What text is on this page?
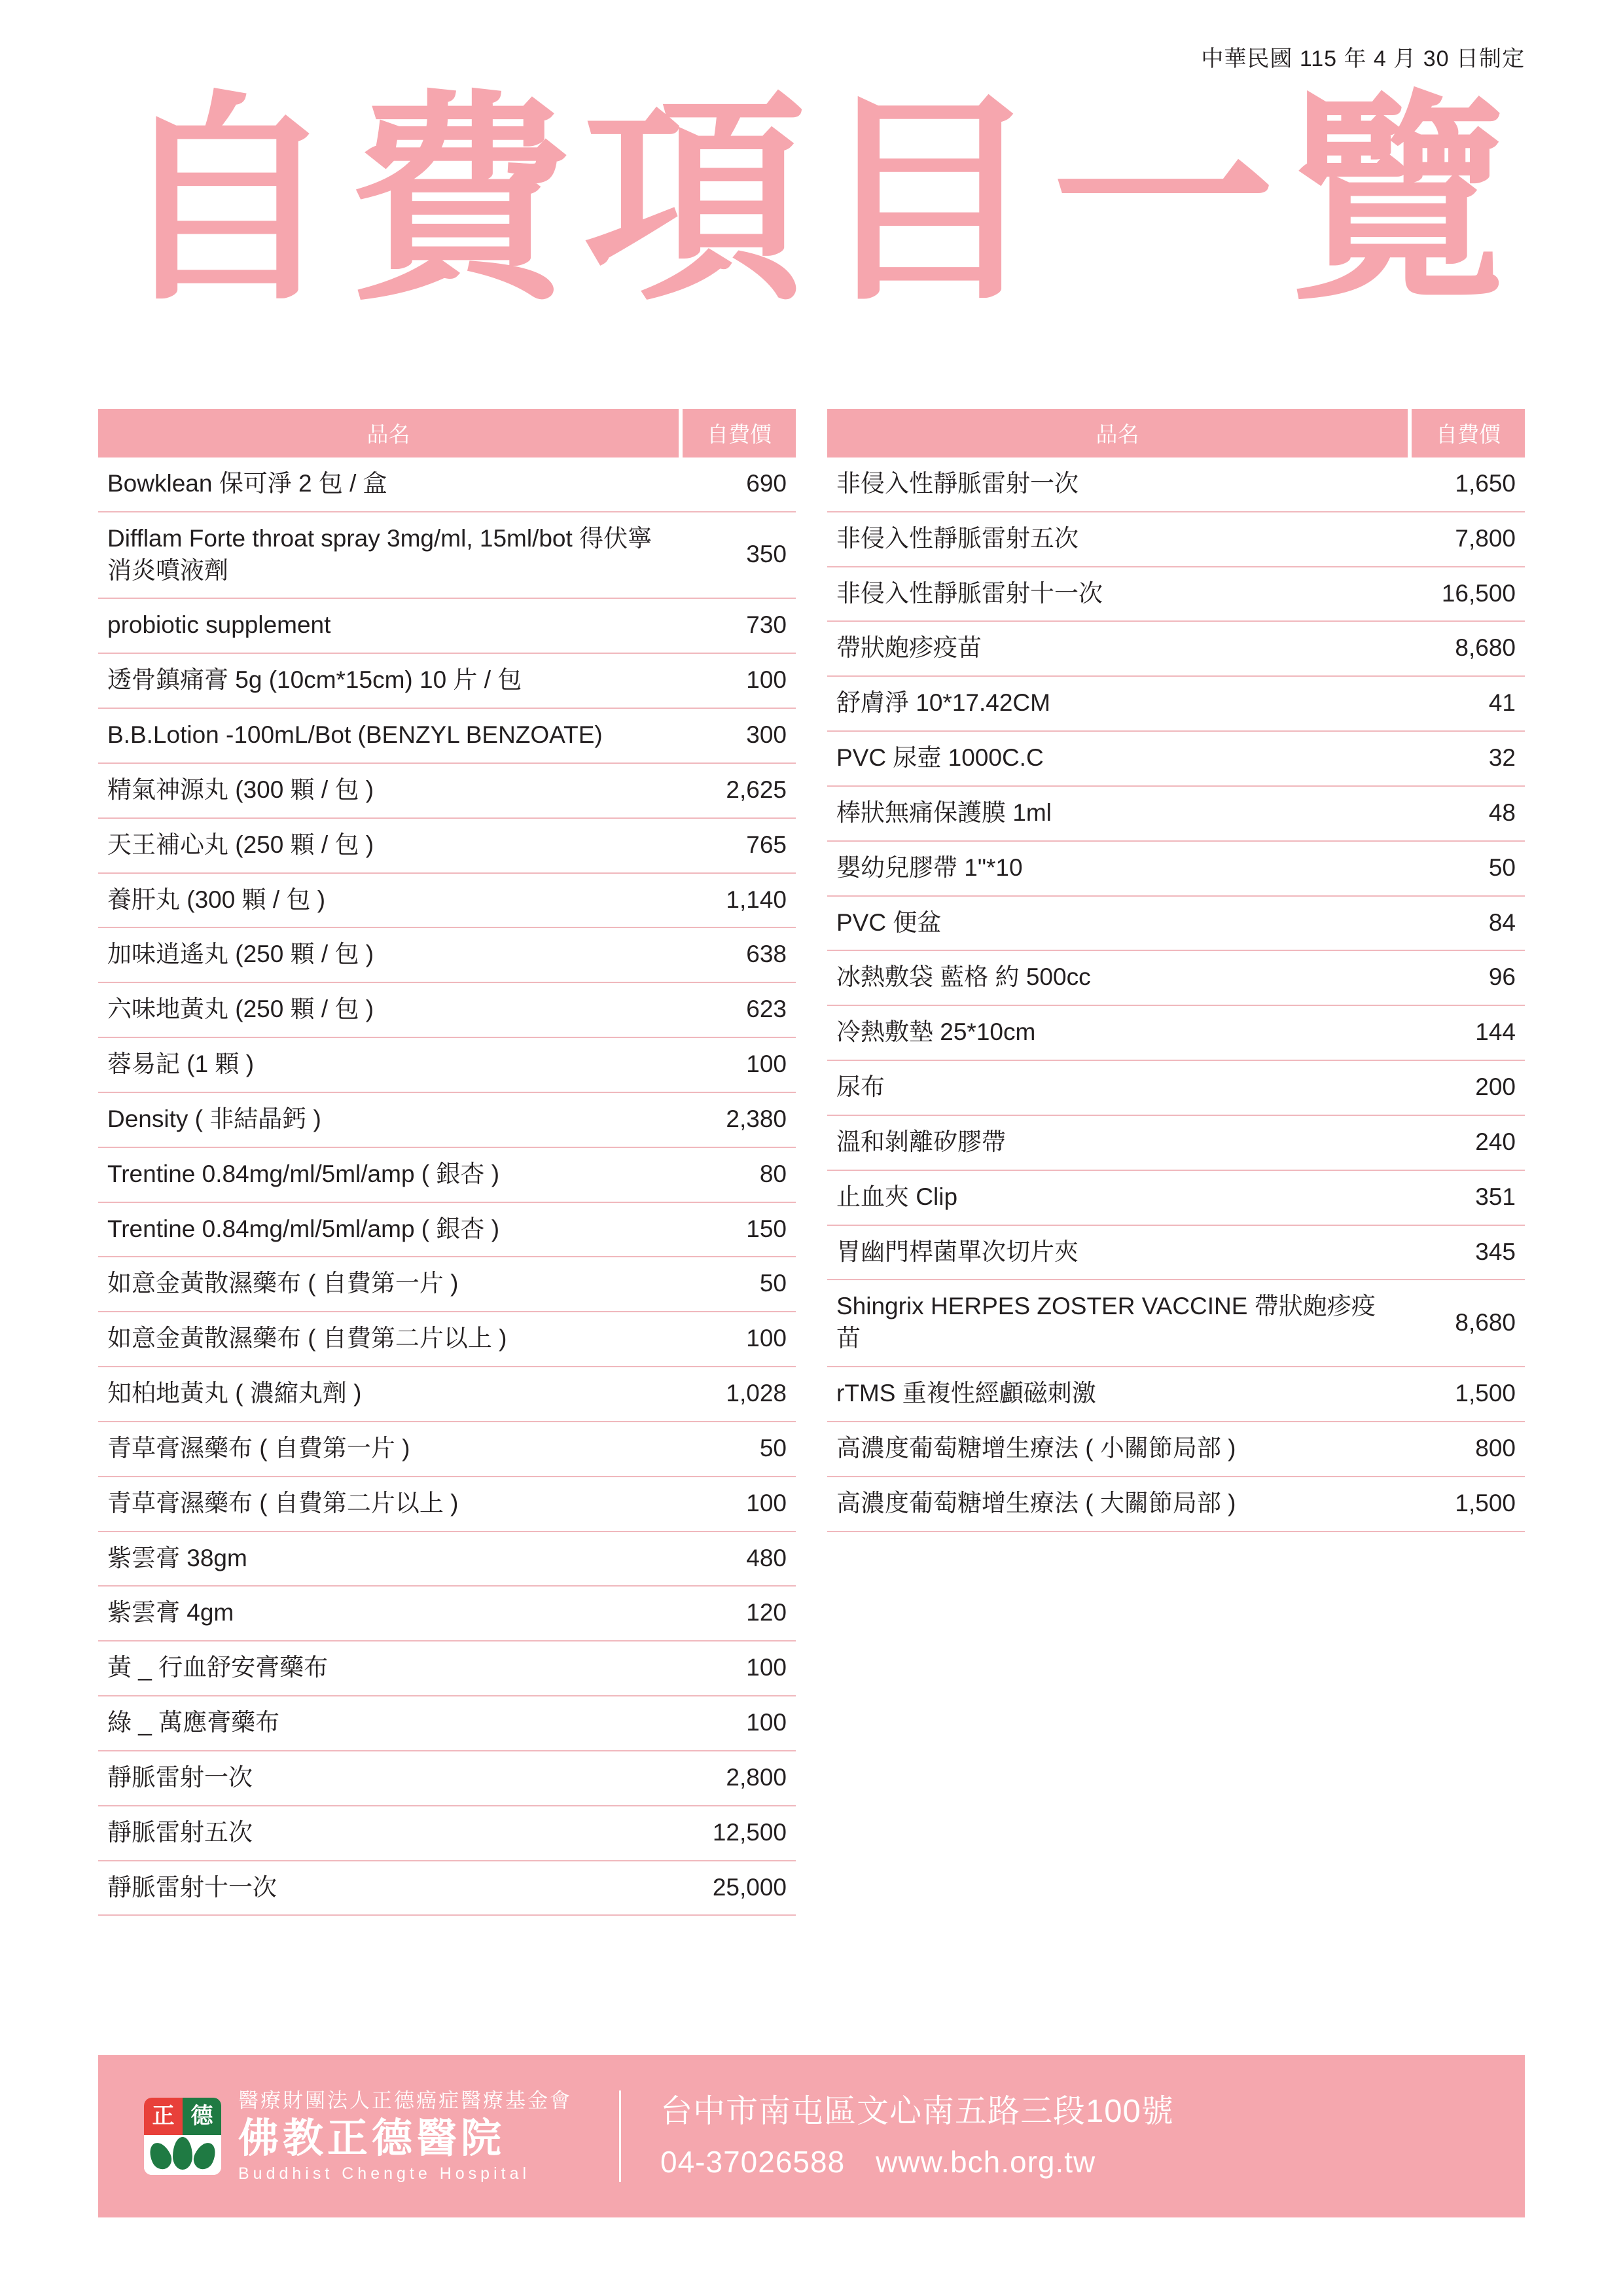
中華民國 115 年 4 月 30 日制定
自費項目一覽
品名	自費價
Bowklean 保可淨 2 包 / 盒	690
Difflam Forte throat spray 3mg/ml, 15ml/bot 得伏寧消炎噴液劑	350
probiotic supplement	730
透骨鎮痛膏 5g (10cm*15cm) 10 片 / 包	100
B.B.Lotion -100mL/Bot (BENZYL BENZOATE)	300
精氣神源丸 (300 顆 / 包 )	2,625
天王補心丸 (250 顆 / 包 )	765
養肝丸 (300 顆 / 包 )	1,140
加味逍遙丸 (250 顆 / 包 )	638
六味地黃丸 (250 顆 / 包 )	623
蓉易記 (1 顆 )	100
Density ( 非結晶鈣 )	2,380
Trentine 0.84mg/ml/5ml/amp ( 銀杏 )	80
Trentine 0.84mg/ml/5ml/amp ( 銀杏 )	150
如意金黃散濕藥布 ( 自費第一片 )	50
如意金黃散濕藥布 ( 自費第二片以上 )	100
知柏地黃丸 ( 濃縮丸劑 )	1,028
青草膏濕藥布 ( 自費第一片 )	50
青草膏濕藥布 ( 自費第二片以上 )	100
紫雲膏 38gm	480
紫雲膏 4gm	120
黃 _ 行血舒安膏藥布	100
綠 _ 萬應膏藥布	100
靜脈雷射一次	2,800
靜脈雷射五次	12,500
靜脈雷射十一次	25,000
品名	自費價
非侵入性靜脈雷射一次	1,650
非侵入性靜脈雷射五次	7,800
非侵入性靜脈雷射十一次	16,500
帶狀皰疹疫苗	8,680
舒膚淨 10*17.42CM	41
PVC 尿壺 1000C.C	32
棒狀無痛保護膜 1ml	48
嬰幼兒膠帶 1"*10	50
PVC 便盆	84
冰熱敷袋 藍格 約 500cc	96
冷熱敷墊 25*10cm	144
尿布	200
溫和剝離矽膠帶	240
止血夾 Clip	351
胃幽門桿菌單次切片夾	345
Shingrix HERPES ZOSTER VACCINE 帶狀皰疹疫苗	8,680
rTMS 重複性經顱磁刺激	1,500
高濃度葡萄糖增生療法 ( 小關節局部 )	800
高濃度葡萄糖增生療法 ( 大關節局部 )	1,500
正 德
醫療財團法人正德癌症醫療基金會
佛教正德醫院
Buddhist Chengte Hospital
台中市南屯區文心南五路三段100號
04-37026588　www.bch.org.tw
